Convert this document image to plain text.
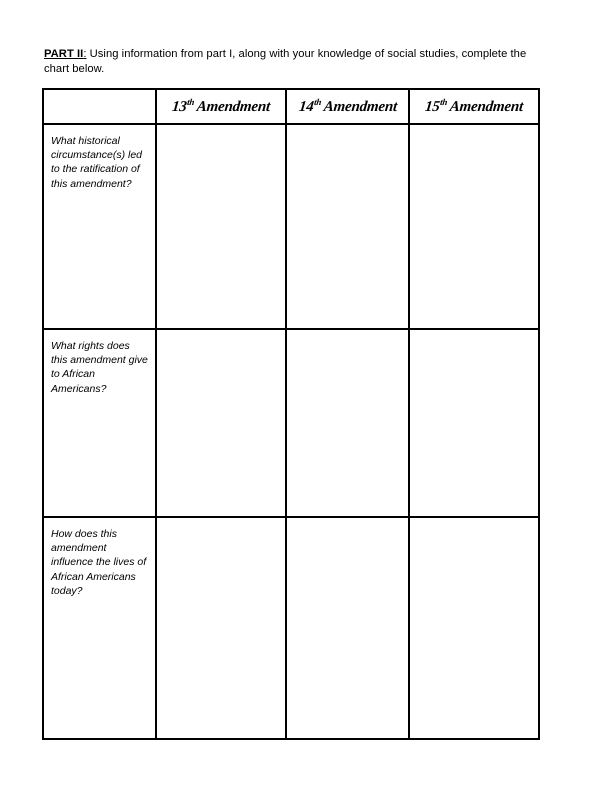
PART II: Using information from part I, along with your knowledge of social studies, complete the chart below.
	13th Amendment	14th Amendment	15th Amendment

What historical circumstance(s) led to the ratification of this amendment?			

What rights does this amendment give to African Americans?			

How does this amendment influence the lives of African Americans today?			
